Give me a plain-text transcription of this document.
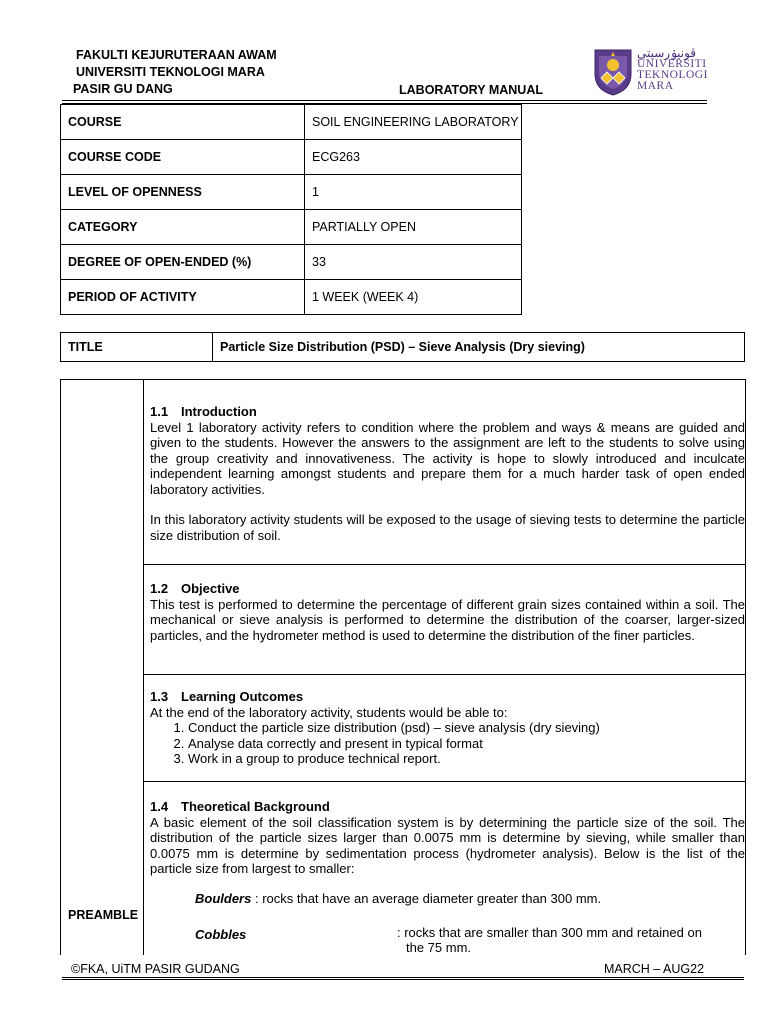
FAKULTI KEJURUTERAAN AWAM
UNIVERSITI TEKNOLOGI MARA
PASIR GU DANG	LABORATORY MANUAL
ڤونيۏرسيتي
UNIVERSITI
TEKNOLOGI
MARA
COURSE	SOIL ENGINEERING LABORATORY
COURSE CODE	ECG263
LEVEL OF OPENNESS	1
CATEGORY	PARTIALLY OPEN
DEGREE OF OPEN-ENDED (%)	33
PERIOD OF ACTIVITY	1 WEEK (WEEK 4)
TITLE	Particle Size Distribution (PSD) – Sieve Analysis (Dry sieving)
PREAMBLE
1.1 Introduction

Level 1 laboratory activity refers to condition where the problem and ways & means are guided and given to the students. However the answers to the assignment are left to the students to solve using the group creativity and innovativeness. The activity is hope to slowly introduced and inculcate independent learning amongst students and prepare them for a much harder task of open ended laboratory activities.

In this laboratory activity students will be exposed to the usage of sieving tests to determine the particle size distribution of soil.

1.2 Objective

This test is performed to determine the percentage of different grain sizes contained within a soil. The mechanical or sieve analysis is performed to determine the distribution of the coarser, larger-sized particles, and the hydrometer method is used to determine the distribution of the finer particles.

1.3 Learning Outcomes

At the end of the laboratory activity, students would be able to:

1. Conduct the particle size distribution (psd) – sieve analysis (dry sieving)
2. Analyse data correctly and present in typical format
3. Work in a group to produce technical report.
1.4 Theoretical Background

A basic element of the soil classification system is by determining the particle size of the soil. The distribution of the particle sizes larger than 0.0075 mm is determine by sieving, while smaller than 0.0075 mm is determine by sedimentation process (hydrometer analysis). Below is the list of the particle size from largest to smaller:

Boulders : rocks that have an average diameter greater than 300 mm.
Cobbles	: rocks that are smaller than 300 mm and retained on
the 75 mm.
©FKA, UiTM PASIR GUDANG	MARCH – AUG22
